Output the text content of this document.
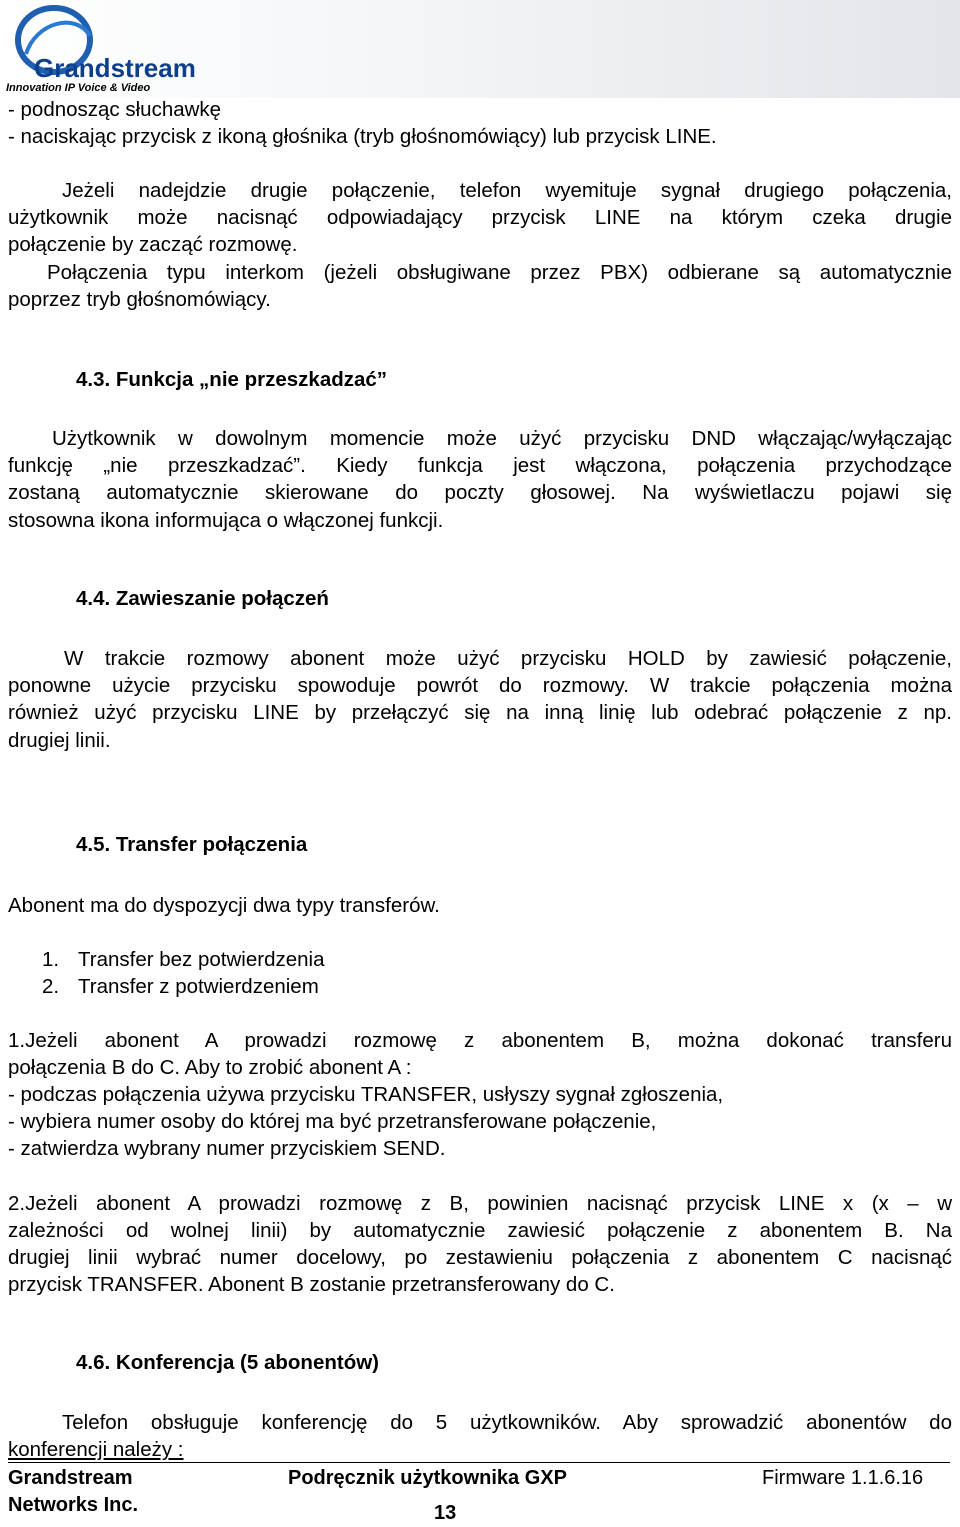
Grandstream
Innovation IP Voice & Video
- podnosząc słuchawkę
- naciskając przycisk z ikoną głośnika (tryb głośnomówiący) lub przycisk LINE.
Jeżeli nadejdzie drugie połączenie, telefon wyemituje sygnał drugiego połączenia,
użytkownik może nacisnąć odpowiadający przycisk LINE na którym czeka drugie
połączenie by zacząć rozmowę.
Połączenia typu interkom (jeżeli obsługiwane przez PBX) odbierane są automatycznie
poprzez tryb głośnomówiący.
4.3. Funkcja „nie przeszkadzać”
Użytkownik w dowolnym momencie może użyć przycisku DND włączając/wyłączając
funkcję „nie przeszkadzać”. Kiedy funkcja jest włączona, połączenia przychodzące
zostaną automatycznie skierowane do poczty głosowej. Na wyświetlaczu pojawi się
stosowna ikona informująca o włączonej funkcji.
4.4. Zawieszanie połączeń
W trakcie rozmowy abonent może użyć przycisku HOLD by zawiesić połączenie,
ponowne użycie przycisku spowoduje powrót do rozmowy. W trakcie połączenia można
również użyć przycisku LINE by przełączyć się na inną linię lub odebrać połączenie z np.
drugiej linii.
4.5. Transfer połączenia
Abonent ma do dyspozycji dwa typy transferów.
1. Transfer bez potwierdzenia
2. Transfer z potwierdzeniem
1.Jeżeli abonent A prowadzi rozmowę z abonentem B, można dokonać transferu
połączenia B do C. Aby to zrobić abonent A :
- podczas połączenia używa przycisku TRANSFER, usłyszy sygnał zgłoszenia,
- wybiera numer osoby do której ma być przetransferowane połączenie,
- zatwierdza wybrany numer przyciskiem SEND.
2.Jeżeli abonent A prowadzi rozmowę z B, powinien nacisnąć przycisk LINE x (x – w
zależności od wolnej linii) by automatycznie zawiesić połączenie z abonentem B. Na
drugiej linii wybrać numer docelowy, po zestawieniu połączenia z abonentem C nacisnąć
przycisk TRANSFER. Abonent B zostanie przetransferowany do C.
4.6. Konferencja (5 abonentów)
Telefon obsługuje konferencję do 5 użytkowników. Aby sprowadzić abonentów do
konferencji należy :
Grandstream
Networks Inc.
Podręcznik użytkownika GXP	Firmware 1.1.6.16
13
